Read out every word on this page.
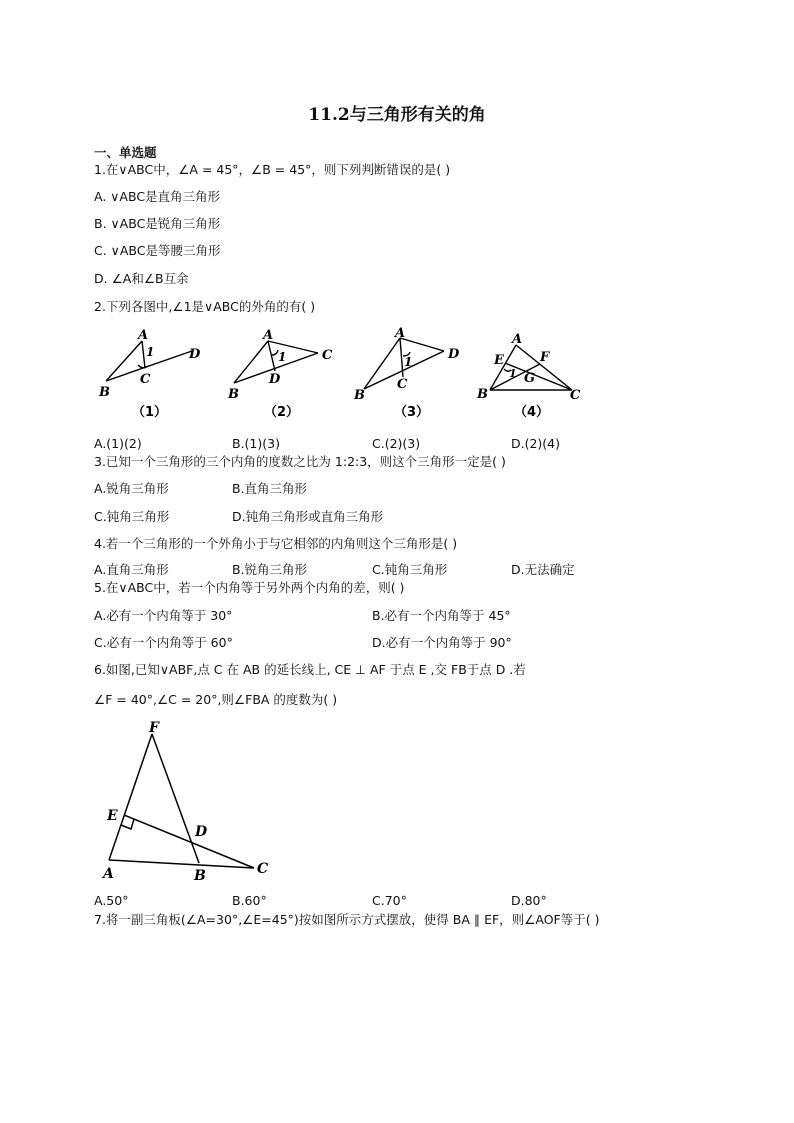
11.2与三角形有关的角
一、单选题
1.在∨ABC中，∠A = 45°，∠B = 45°，则下列判断错误的是( )
A. ∨ABC是直角三角形
B. ∨ABC是锐角三角形
C. ∨ABC是等腰三角形
D. ∠A和∠B互余
2.下列各图中,∠1是∨ABC的外角的有( )
A
1	D
C
B
（1）
A
1	C
D
B
（2）
A
1	D
C
B
（3）
A
E	F
1 G
B	C
（4）
A.(1)(2)	B.(1)(3)	C.(2)(3)	D.(2)(4)
3.已知一个三角形的三个内角的度数之比为 1:2:3，则这个三角形一定是( )
A.锐角三角形	B.直角三角形
C.钝角三角形	D.钝角三角形或直角三角形
4.若一个三角形的一个外角小于与它相邻的内角则这个三角形是( )
A.直角三角形	B.锐角三角形	C.钝角三角形	D.无法确定
5.在∨ABC中，若一个内角等于另外两个内角的差，则( )
A.必有一个内角等于 30°	B.必有一个内角等于 45°
C.必有一个内角等于 60°	D.必有一个内角等于 90°
6.如图,已知∨ABF,点 C 在 AB 的延长线上, CE ⊥ AF 于点 E ,交 FB于点 D .若
∠F = 40°,∠C = 20°,则∠FBA 的度数为( )
F
E
D
A	B	C
A.50°	B.60°	C.70°	D.80°
7.将一副三角板(∠A=30°,∠E=45°)按如图所示方式摆放，使得 BA ∥ EF，则∠AOF等于( )
